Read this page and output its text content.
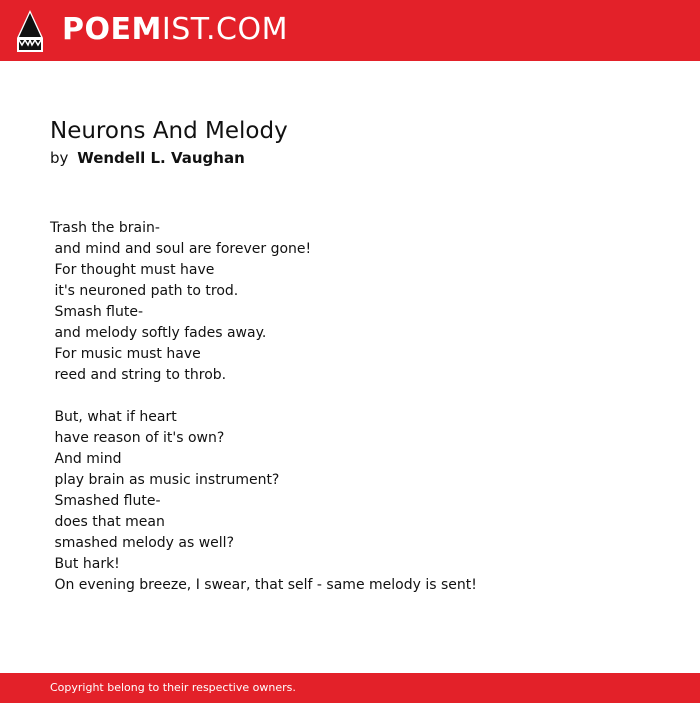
POEMIST.COM
Neurons And Melody
by Wendell L. Vaughan
Trash the brain-
and mind and soul are forever gone!
For thought must have
it's neuroned path to trod.
Smash flute-
and melody softly fades away.
For music must have
reed and string to throb.

But, what if heart
have reason of it's own?
And mind
play brain as music instrument?
Smashed flute-
does that mean
smashed melody as well?
But hark!
On evening breeze, I swear, that self - same melody is sent!
Copyright belong to their respective owners.
